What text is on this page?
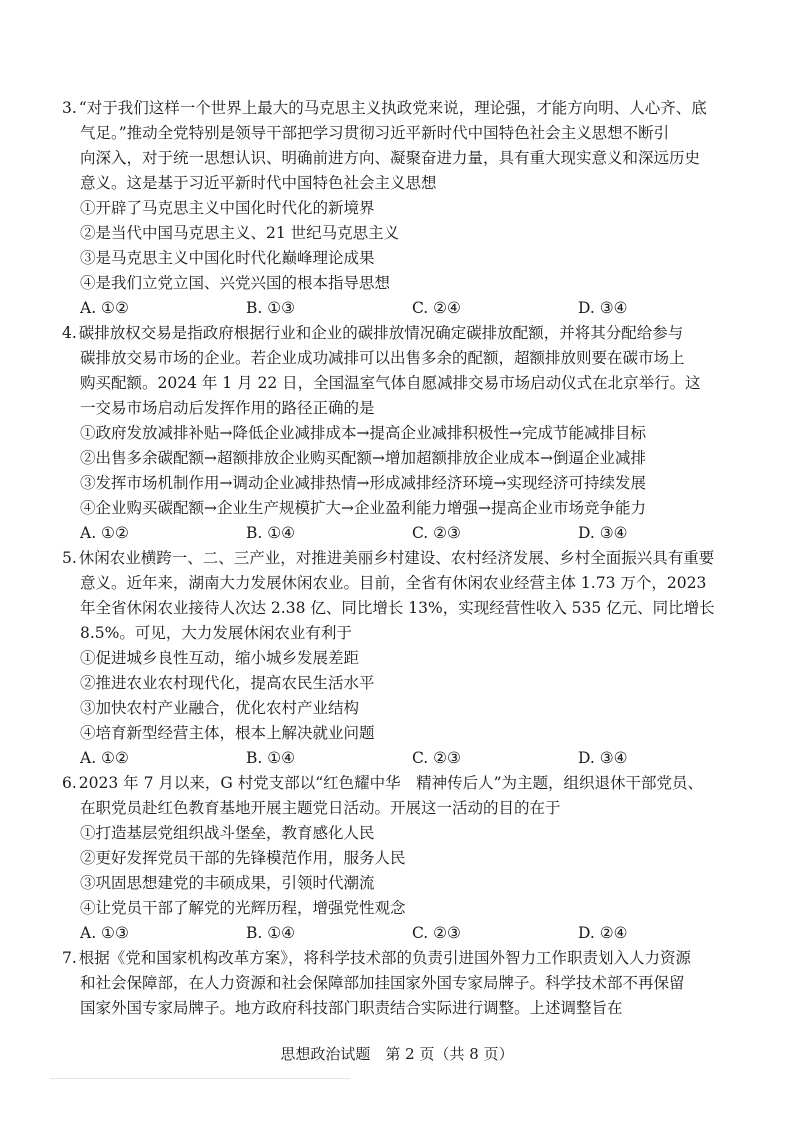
3. “对于我们这样一个世界上最大的马克思主义执政党来说，理论强，才能方向明、人心齐、底
气足。”推动全党特别是领导干部把学习贯彻习近平新时代中国特色社会主义思想不断引
向深入，对于统一思想认识、明确前进方向、凝聚奋进力量，具有重大现实意义和深远历史
意义。这是基于习近平新时代中国特色社会主义思想

①开辟了马克思主义中国化时代化的新境界

②是当代中国马克思主义、21 世纪马克思主义

③是马克思主义中国化时代化巅峰理论成果

④是我们立党立国、兴党兴国的根本指导思想

A. ①②	B. ①③	C. ②④	D. ③④

4. 碳排放权交易是指政府根据行业和企业的碳排放情况确定碳排放配额，并将其分配给参与
碳排放交易市场的企业。若企业成功减排可以出售多余的配额，超额排放则要在碳市场上
购买配额。2024 年 1 月 22 日，全国温室气体自愿减排交易市场启动仪式在北京举行。这
一交易市场启动后发挥作用的路径正确的是

①政府发放减排补贴→降低企业减排成本→提高企业减排积极性→完成节能减排目标

②出售多余碳配额→超额排放企业购买配额→增加超额排放企业成本→倒逼企业减排

③发挥市场机制作用→调动企业减排热情→形成减排经济环境→实现经济可持续发展

④企业购买碳配额→企业生产规模扩大→企业盈利能力增强→提高企业市场竞争能力

A. ①②	B. ①④	C. ②③	D. ③④

5. 休闲农业横跨一、二、三产业，对推进美丽乡村建设、农村经济发展、乡村全面振兴具有重要
意义。近年来，湖南大力发展休闲农业。目前，全省有休闲农业经营主体 1.73 万个，2023
年全省休闲农业接待人次达 2.38 亿、同比增长 13%，实现经营性收入 535 亿元、同比增长
8.5%。可见，大力发展休闲农业有利于

①促进城乡良性互动，缩小城乡发展差距

②推进农业农村现代化，提高农民生活水平

③加快农村产业融合，优化农村产业结构

④培育新型经营主体，根本上解决就业问题

A. ①②	B. ①④	C. ②③	D. ③④

6. 2023 年 7 月以来，G 村党支部以“红色耀中华　精神传后人”为主题，组织退休干部党员、
在职党员赴红色教育基地开展主题党日活动。开展这一活动的目的在于

①打造基层党组织战斗堡垒，教育感化人民

②更好发挥党员干部的先锋模范作用，服务人民

③巩固思想建党的丰硕成果，引领时代潮流

④让党员干部了解党的光辉历程，增强党性观念

A. ①③	B. ①④	C. ②③	D. ②④

7. 根据《党和国家机构改革方案》，将科学技术部的负责引进国外智力工作职责划入人力资源
和社会保障部，在人力资源和社会保障部加挂国家外国专家局牌子。科学技术部不再保留
国家外国专家局牌子。地方政府科技部门职责结合实际进行调整。上述调整旨在

思想政治试题　第 2 页（共 8 页）
